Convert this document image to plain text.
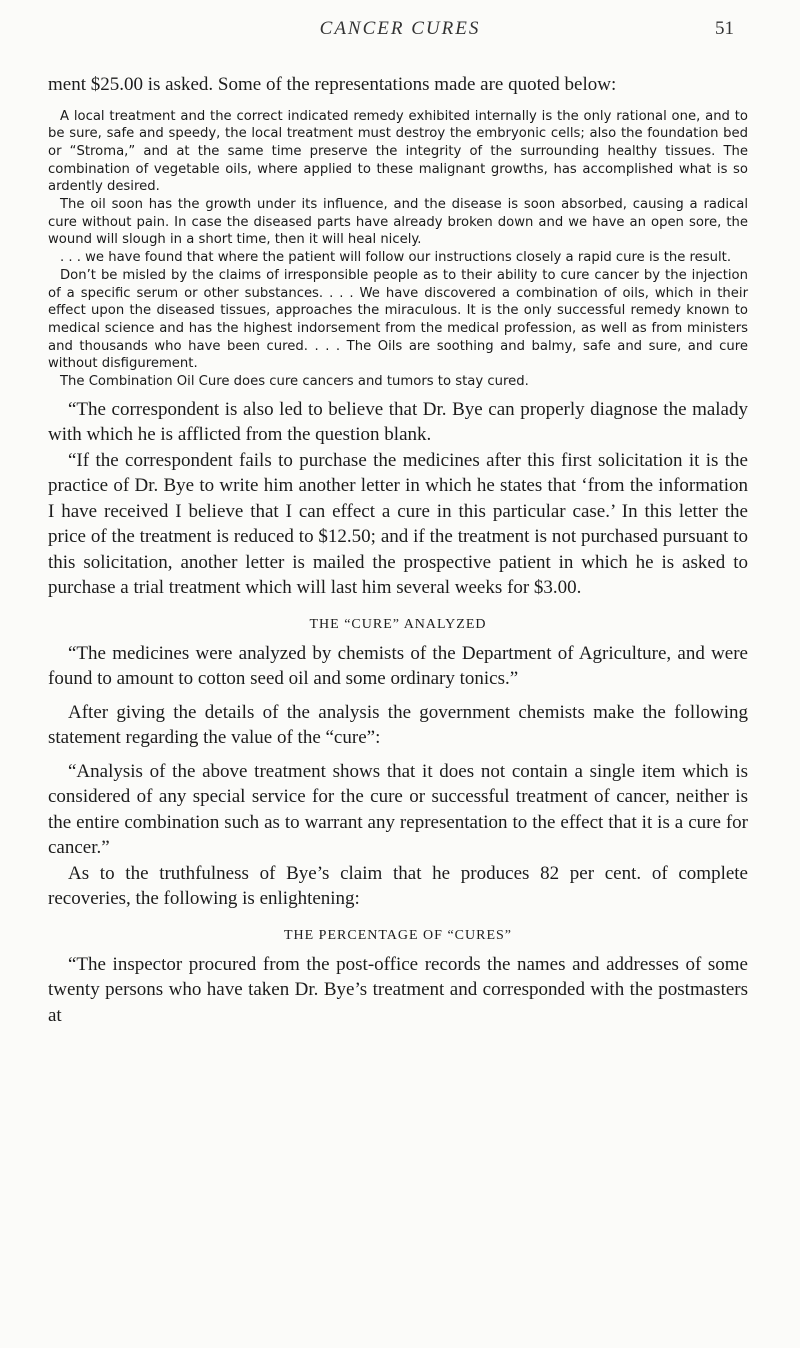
CANCER CURES	51

ment $25.00 is asked. Some of the representations made are quoted below:

A local treatment and the correct indicated remedy exhibited internally is the only rational one, and to be sure, safe and speedy, the local treatment must destroy the embryonic cells; also the foundation bed or “Stroma,” and at the same time preserve the integrity of the surrounding healthy tissues. The combination of vegetable oils, where applied to these malignant growths, has accomplished what is so ardently desired.

The oil soon has the growth under its influence, and the disease is soon absorbed, causing a radical cure without pain. In case the diseased parts have already broken down and we have an open sore, the wound will slough in a short time, then it will heal nicely.

. . . we have found that where the patient will follow our instructions closely a rapid cure is the result.

Don’t be misled by the claims of irresponsible people as to their ability to cure cancer by the injection of a specific serum or other substances. . . . We have discovered a combination of oils, which in their effect upon the diseased tissues, approaches the miraculous. It is the only successful remedy known to medical science and has the highest indorsement from the medical profession, as well as from ministers and thousands who have been cured. . . . The Oils are soothing and balmy, safe and sure, and cure without disfigurement.

The Combination Oil Cure does cure cancers and tumors to stay cured.

“The correspondent is also led to believe that Dr. Bye can properly diagnose the malady with which he is afflicted from the question blank.

“If the correspondent fails to purchase the medicines after this first solicitation it is the practice of Dr. Bye to write him another letter in which he states that ‘from the information I have received I believe that I can effect a cure in this particular case.’ In this letter the price of the treatment is reduced to $12.50; and if the treatment is not purchased pursuant to this solicitation, another letter is mailed the prospective patient in which he is asked to purchase a trial treatment which will last him several weeks for $3.00.

THE “CURE” ANALYZED

“The medicines were analyzed by chemists of the Department of Agriculture, and were found to amount to cotton seed oil and some ordinary tonics.”

After giving the details of the analysis the government chemists make the following statement regarding the value of the “cure”:

“Analysis of the above treatment shows that it does not contain a single item which is considered of any special service for the cure or successful treatment of cancer, neither is the entire combination such as to warrant any representation to the effect that it is a cure for cancer.”

As to the truthfulness of Bye’s claim that he produces 82 per cent. of complete recoveries, the following is enlightening:

THE PERCENTAGE OF “CURES”

“The inspector procured from the post-office records the names and addresses of some twenty persons who have taken Dr. Bye’s treatment and corresponded with the postmasters at
